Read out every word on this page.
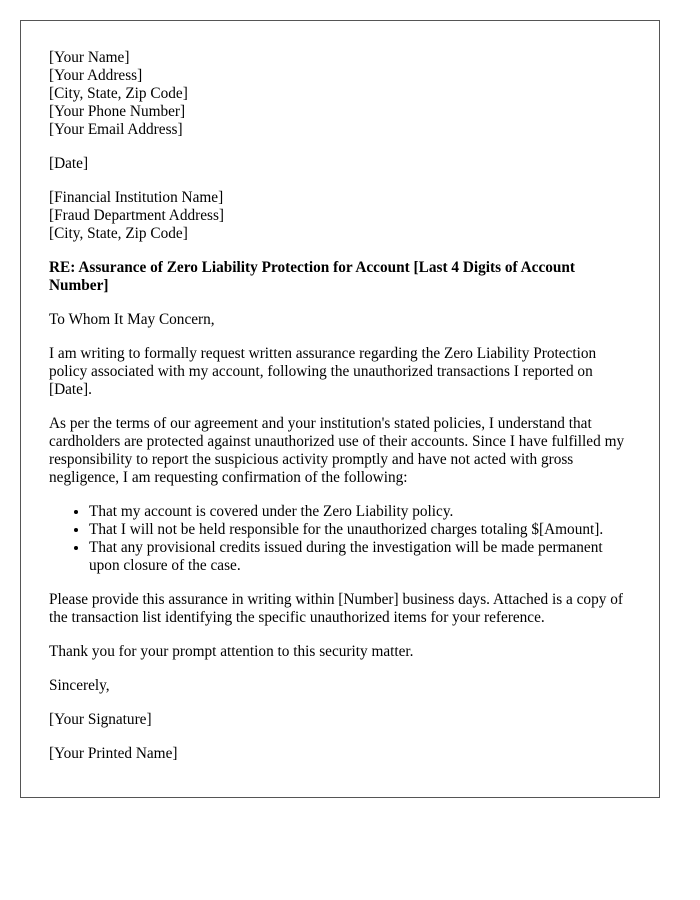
[Your Name]
[Your Address]
[City, State, Zip Code]
[Your Phone Number]
[Your Email Address]
[Date]
[Financial Institution Name]
[Fraud Department Address]
[City, State, Zip Code]

RE: Assurance of Zero Liability Protection for Account [Last 4 Digits of Account Number]

To Whom It May Concern,

I am writing to formally request written assurance regarding the Zero Liability Protection policy associated with my account, following the unauthorized transactions I reported on [Date].

As per the terms of our agreement and your institution's stated policies, I understand that cardholders are protected against unauthorized use of their accounts. Since I have fulfilled my responsibility to report the suspicious activity promptly and have not acted with gross negligence, I am requesting confirmation of the following:

• That my account is covered under the Zero Liability policy.
• That I will not be held responsible for the unauthorized charges totaling $[Amount].
• That any provisional credits issued during the investigation will be made permanent upon closure of the case.

Please provide this assurance in writing within [Number] business days. Attached is a copy of the transaction list identifying the specific unauthorized items for your reference.

Thank you for your prompt attention to this security matter.

Sincerely,

[Your Signature]

[Your Printed Name]
